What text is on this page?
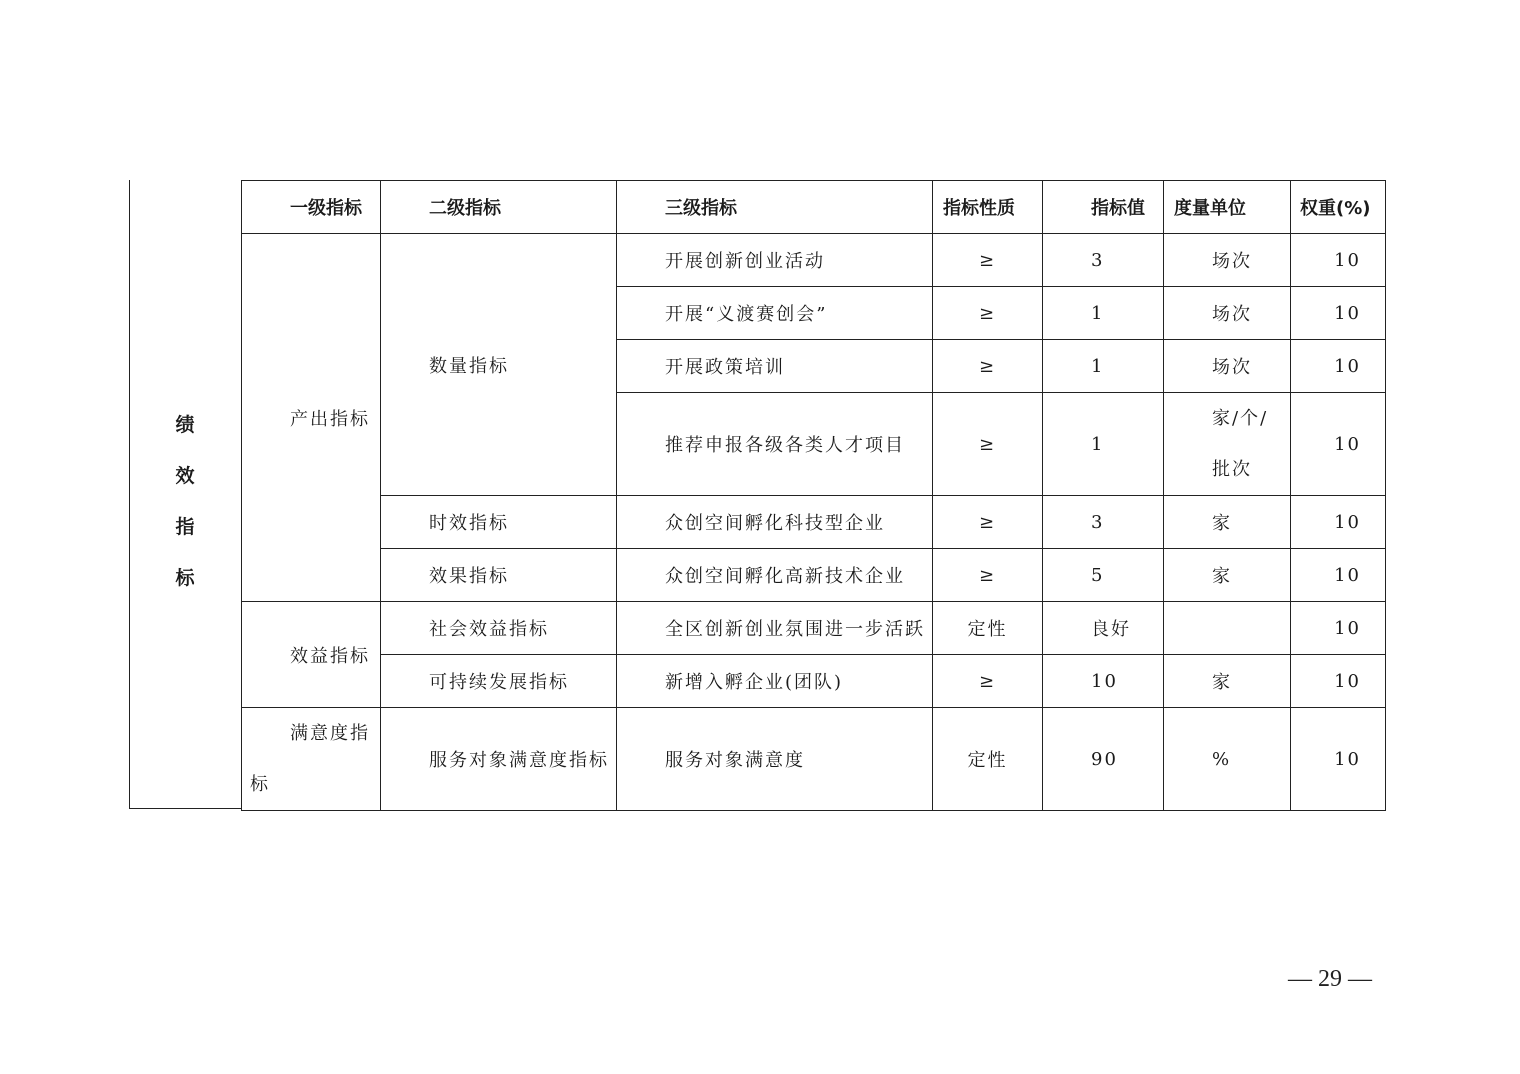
绩
效
指
标
一级指标	二级指标	三级指标	指标性质	指标值	度量单位	权重(%)
产出指标	数量指标	开展创新创业活动	≥	3	场次	10
		开展“义渡赛创会”	≥	1	场次	10
		开展政策培训	≥	1	场次	10
		推荐申报各级各类人才项目	≥	1	家/个/批次	10
	时效指标	众创空间孵化科技型企业	≥	3	家	10
	效果指标	众创空间孵化高新技术企业	≥	5	家	10
效益指标	社会效益指标	全区创新创业氛围进一步活跃	定性	良好		10
	可持续发展指标	新增入孵企业(团队)	≥	10	家	10

满意度指
标	服务对象满意度指标	服务对象满意度	定性	90	%	10
— 29 —
